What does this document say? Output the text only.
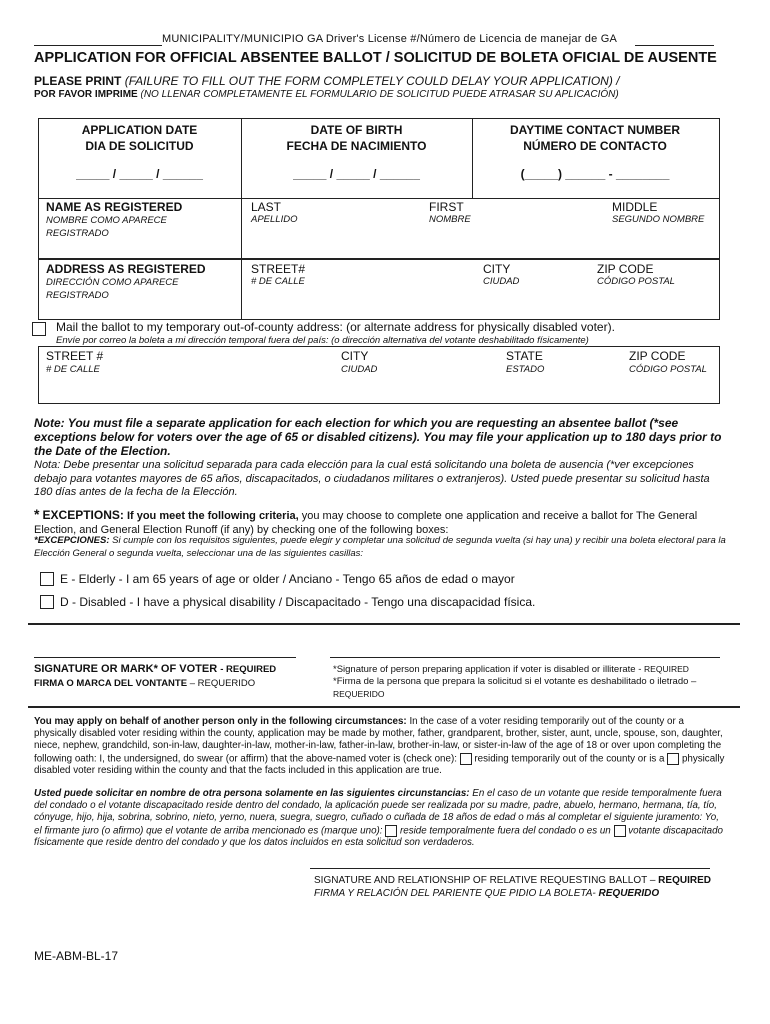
MUNICIPALITY/MUNICIPIO GA Driver's License #/Número de Licencia de manejar de GA
APPLICATION FOR OFFICIAL ABSENTEE BALLOT / SOLICITUD DE BOLETA OFICIAL DE AUSENTE
PLEASE PRINT (FAILURE TO FILL OUT THE FORM COMPLETELY COULD DELAY YOUR APPLICATION) /
POR FAVOR IMPRIME (NO LLENAR COMPLETAMENTE EL FORMULARIO DE SOLICITUD PUEDE ATRASAR SU APLICACIÓN)
APPLICATION DATE
DIA DE SOLICITUD
_____ / _____ / ______
DATE OF BIRTH
FECHA DE NACIMIENTO
_____ / _____ / ______
DAYTIME CONTACT NUMBER
NÚMERO DE CONTACTO
(_____) ______ - ________
NAME AS REGISTERED
NOMBRE COMO APARECE REGISTRADO
LAST
APELLIDO
FIRST
NOMBRE
MIDDLE
SEGUNDO NOMBRE
ADDRESS AS REGISTERED
DIRECCIÓN COMO APARECE REGISTRADO
STREET#
# DE CALLE
CITY
CIUDAD
ZIP CODE
CÓDIGO POSTAL
Mail the ballot to my temporary out-of-county address: (or alternate address for physically disabled voter).
Envíe por correo la boleta a mi dirección temporal fuera del país: (o dirección alternativa del votante deshabilitado físicamente)
STREET #
# DE CALLE
CITY
CIUDAD
STATE
ESTADO
ZIP CODE
CÓDIGO POSTAL
Note: You must file a separate application for each election for which you are requesting an absentee ballot (*see exceptions below for voters over the age of 65 or disabled citizens). You may file your application up to 180 days prior to the Date of the Election.
Nota: Debe presentar una solicitud separada para cada elección para la cual está solicitando una boleta de ausencia (*ver excepciones debajo para votantes mayores de 65 años, discapacitados, o ciudadanos militares o extranjeros). Usted puede presentar su solicitud hasta 180 días antes de la fecha de la Elección.
* EXCEPTIONS: If you meet the following criteria, you may choose to complete one application and receive a ballot for The General Election, and General Election Runoff (if any) by checking one of the following boxes:
*EXCEPCIONES: Si cumple con los requisitos siguientes, puede elegir y completar una solicitud de segunda vuelta (si hay una) y recibir una boleta electoral para la Elección General o segunda vuelta, seleccionar una de las siguientes casillas:
E - Elderly - I am 65 years of age or older / Anciano - Tengo 65 años de edad o mayor
D - Disabled - I have a physical disability / Discapacitado - Tengo una discapacidad física.
SIGNATURE OR MARK* OF VOTER - REQUIRED
FIRMA O MARCA DEL VONTANTE – REQUERIDO
*Signature of person preparing application if voter is disabled or illiterate - REQUIRED
*Firma de la persona que prepara la solicitud si el votante es deshabilitado o iletrado –
REQUERIDO
You may apply on behalf of another person only in the following circumstances: In the case of a voter residing temporarily out of the county or a physically disabled voter residing within the county, application may be made by mother, father, grandparent, brother, sister, aunt, uncle, spouse, son, daughter, niece, nephew, grandchild, son-in-law, daughter-in-law, mother-in-law, father-in-law, brother-in-law, or sister-in-law of the age of 18 or over upon completing the following oath: I, the undersigned, do swear (or affirm) that the above-named voter is (check one): residing temporarily out of the county or is a physically disabled voter residing within the county and that the facts included in this application are true.
Usted puede solicitar en nombre de otra persona solamente en las siguientes circunstancias: En el caso de un votante que reside temporalmente fuera del condado o el votante discapacitado reside dentro del condado, la aplicación puede ser realizada por su madre, padre, abuelo, hermano, hermana, tía, tío, cónyuge, hijo, hija, sobrina, sobrino, nieto, yerno, nuera, suegra, suegro, cuñado o cuñada de 18 años de edad o más al completar el siguiente juramento: Yo, el firmante juro (o afirmo) que el votante de arriba mencionado es (marque uno): reside temporalmente fuera del condado o es un votante discapacitado físicamente que reside dentro del condado y que los datos incluidos en esta solicitud son verdaderos.
SIGNATURE AND RELATIONSHIP OF RELATIVE REQUESTING BALLOT – REQUIRED
FIRMA Y RELACIÓN DEL PARIENTE QUE PIDIO LA BOLETA- REQUERIDO
ME-ABM-BL-17
